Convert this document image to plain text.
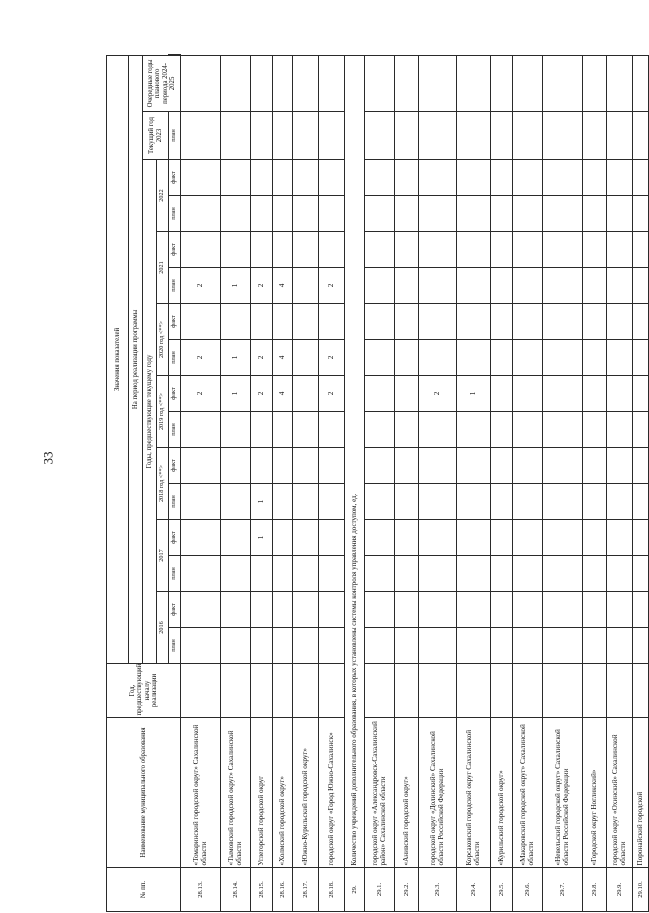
33
№ пп.	Наименование муниципального образования	Год, предшествующий началу реализации	Значения показателей																
			На период реализации программы																
			Годы, предшествующие текущему году														Текущий год 2023	Очередные годы планового периода 2024-2025	

			2016		2017		2018 год <**>		2019 год <**>		2020 год <**>		2021		2022				
			план	факт	план	факт	план	факт	план	факт	план	факт	план	факт	план	факт	план	
28.13.	«Томаринский городской округ» Сахалинской области									2	2		2						
28.14.	«Тымовский городской округ» Сахалинской области									1	1		1						
28.15.	Углегорский городской округ					1	1			2	2		2						
28.16.	«Холмский городской округ»									4	4		4						
28.17.	«Южно-Курильский городской округ»																		
28.18.	городской округ «Город Южно-Сахалинск»									2	2		2						
29.	Количество учреждений дополнительного образования, в которых установлены системы контроля управления доступом, ед.																		
29.1.	городской округ «Александровск-Сахалинский район» Сахалинской области																		
29.2.	«Анивский городской округ»																		
29.3.	городской округ «Долинский» Сахалинской области Российской Федерации									2									
29.4.	Корсаковский городской округ Сахалинской области									1									
29.5.	«Курильский городской округ»																		
29.6.	«Макаровский городской округ» Сахалинской области																		
29.7.	«Невельский городской округ» Сахалинской области Российской Федерации																		
29.8.	«Городской округ Ногликский»																		
29.9.	городской округ «Охинский» Сахалинской области																		
29.10.	Поронайский городской																		
